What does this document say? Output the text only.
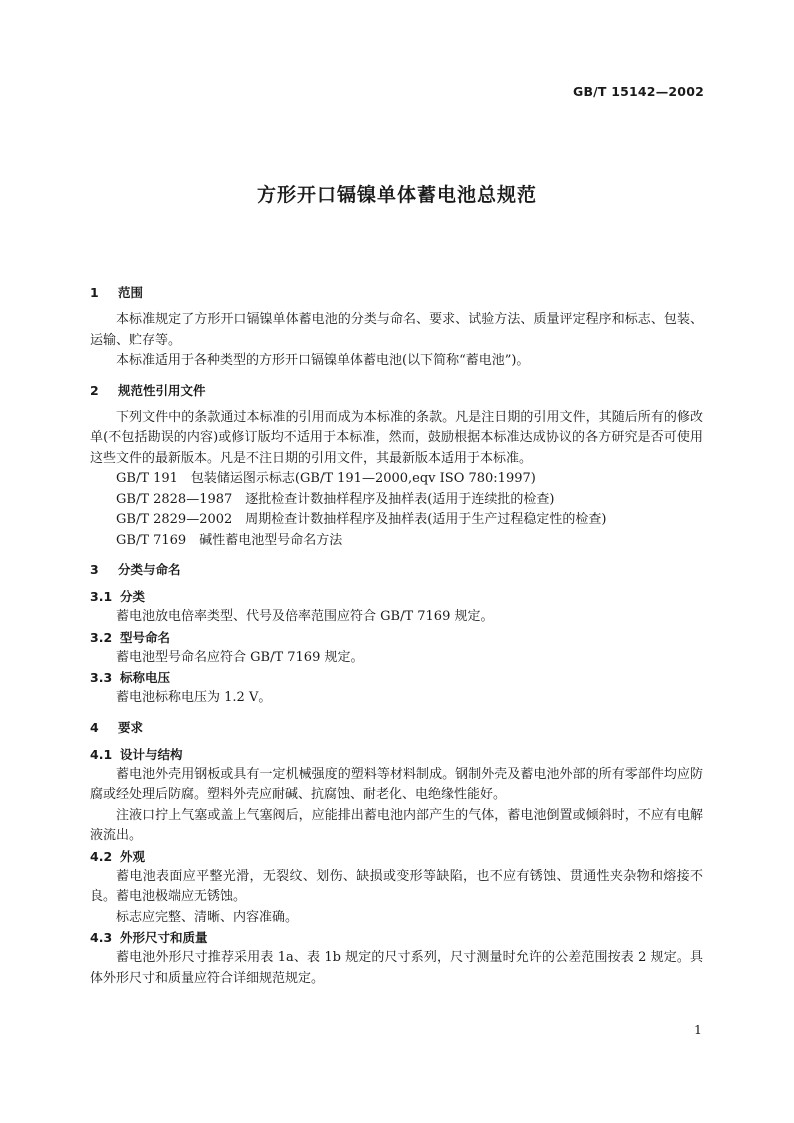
GB/T 15142—2002
方形开口镉镍单体蓄电池总规范
1 范围

本标准规定了方形开口镉镍单体蓄电池的分类与命名、要求、试验方法、质量评定程序和标志、包装、运输、贮存等。

本标准适用于各种类型的方形开口镉镍单体蓄电池(以下简称“蓄电池”)。

2 规范性引用文件

下列文件中的条款通过本标准的引用而成为本标准的条款。凡是注日期的引用文件，其随后所有的修改单(不包括勘误的内容)或修订版均不适用于本标准，然而，鼓励根据本标准达成协议的各方研究是否可使用这些文件的最新版本。凡是不注日期的引用文件，其最新版本适用于本标准。

GB/T 191　包装储运图示标志(GB/T 191—2000,eqv ISO 780:1997)
GB/T 2828—1987　逐批检查计数抽样程序及抽样表(适用于连续批的检查)
GB/T 2829—2002　周期检查计数抽样程序及抽样表(适用于生产过程稳定性的检查)
GB/T 7169　碱性蓄电池型号命名方法
3 分类与命名
3.1 分类

蓄电池放电倍率类型、代号及倍率范围应符合 GB/T 7169 规定。

3.2 型号命名

蓄电池型号命名应符合 GB/T 7169 规定。

3.3 标称电压

蓄电池标称电压为 1.2 V。

4 要求
4.1 设计与结构

蓄电池外壳用钢板或具有一定机械强度的塑料等材料制成。钢制外壳及蓄电池外部的所有零部件均应防腐或经处理后防腐。塑料外壳应耐碱、抗腐蚀、耐老化、电绝缘性能好。

注液口拧上气塞或盖上气塞阀后，应能排出蓄电池内部产生的气体，蓄电池倒置或倾斜时，不应有电解液流出。

4.2 外观

蓄电池表面应平整光滑，无裂纹、划伤、缺损或变形等缺陷，也不应有锈蚀、贯通性夹杂物和熔接不良。蓄电池极端应无锈蚀。

标志应完整、清晰、内容准确。

4.3 外形尺寸和质量

蓄电池外形尺寸推荐采用表 1a、表 1b 规定的尺寸系列，尺寸测量时允许的公差范围按表 2 规定。具体外形尺寸和质量应符合详细规范规定。

1
